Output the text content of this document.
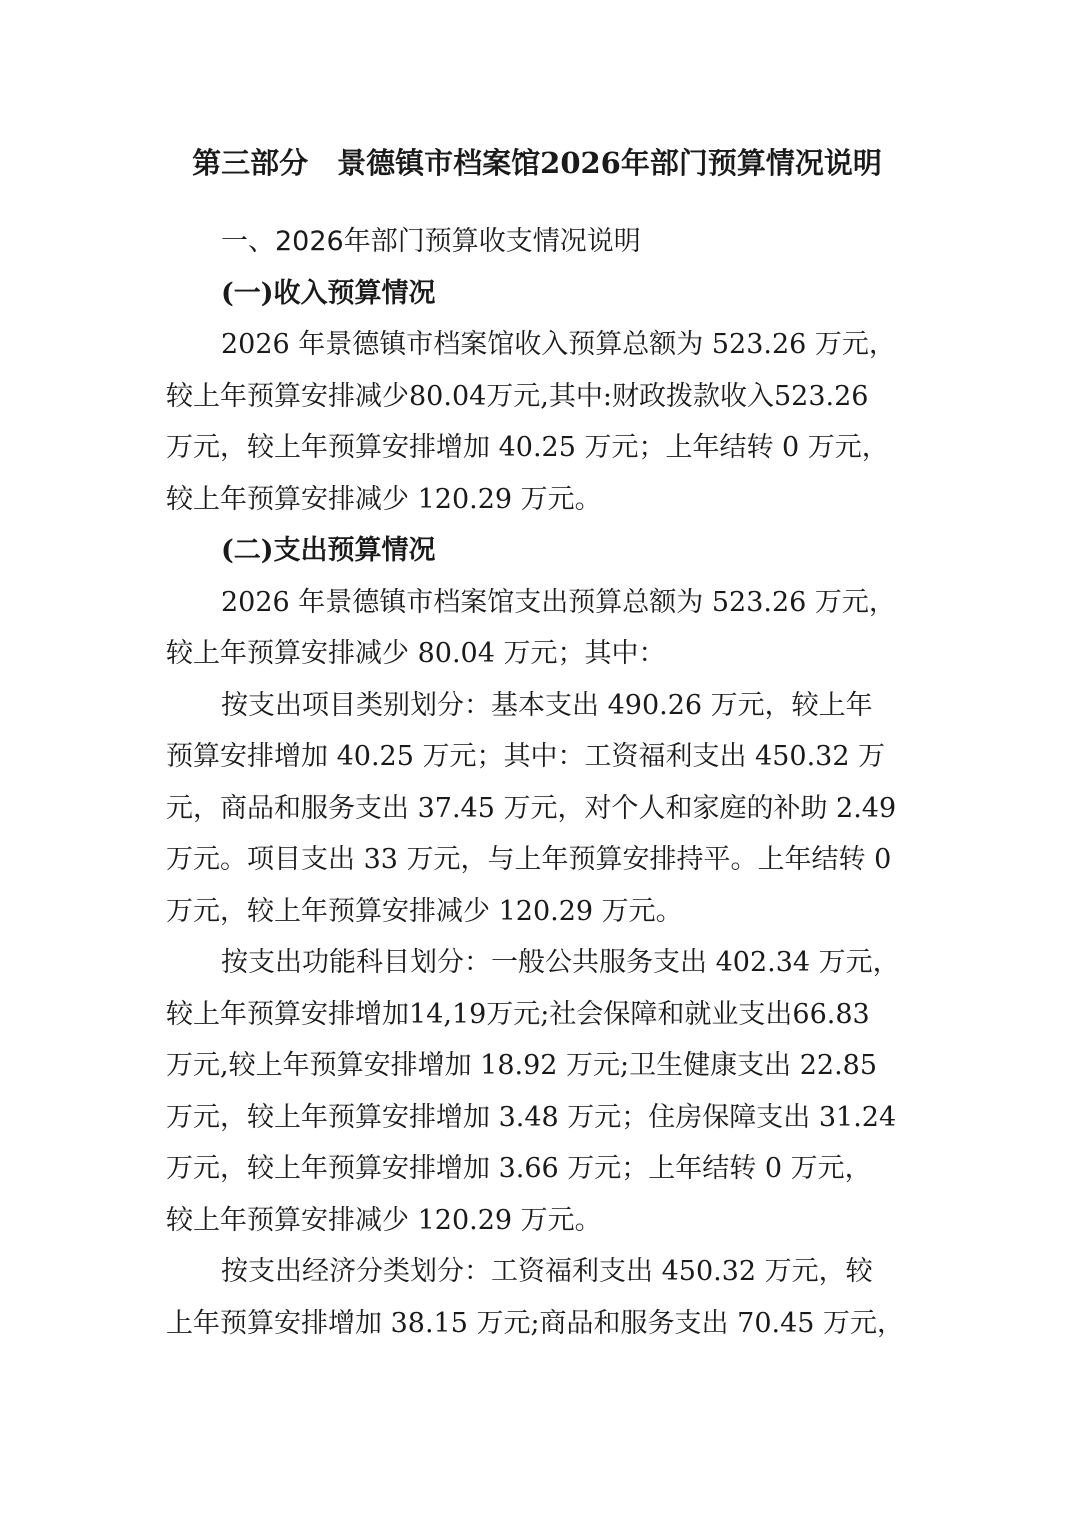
第三部分　景德镇市档案馆2026年部门预算情况说明

一、2026年部门预算收支情况说明

(一)收入预算情况

2026 年景德镇市档案馆收入预算总额为 523.26 万元，
较上年预算安排减少80.04万元,其中:财政拨款收入523.26
万元，较上年预算安排增加 40.25 万元；上年结转 0 万元，
较上年预算安排减少 120.29 万元。

(二)支出预算情况

2026 年景德镇市档案馆支出预算总额为 523.26 万元，
较上年预算安排减少 80.04 万元；其中：
按支出项目类别划分：基本支出 490.26 万元，较上年
预算安排增加 40.25 万元；其中：工资福利支出 450.32 万
元，商品和服务支出 37.45 万元，对个人和家庭的补助 2.49
万元。项目支出 33 万元，与上年预算安排持平。上年结转 0
万元，较上年预算安排减少 120.29 万元。
按支出功能科目划分：一般公共服务支出 402.34 万元，
较上年预算安排增加14,19万元;社会保障和就业支出66.83
万元,较上年预算安排增加 18.92 万元;卫生健康支出 22.85
万元，较上年预算安排增加 3.48 万元；住房保障支出 31.24
万元，较上年预算安排增加 3.66 万元；上年结转 0 万元，
较上年预算安排减少 120.29 万元。
按支出经济分类划分：工资福利支出 450.32 万元，较
上年预算安排增加 38.15 万元;商品和服务支出 70.45 万元，
